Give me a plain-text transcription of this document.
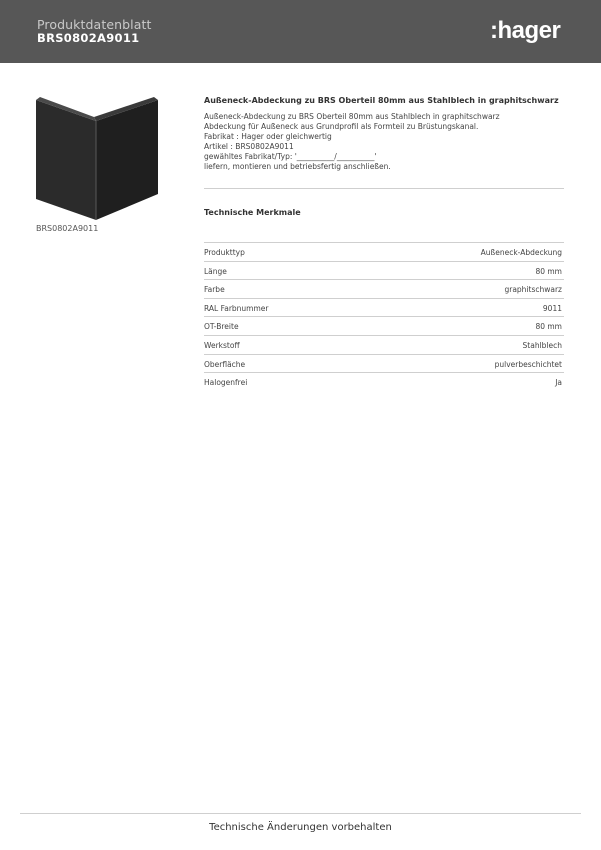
Produktdatenblatt
BRS0802A9011	:hager
BRS0802A9011
Außeneck-Abdeckung zu BRS Oberteil 80mm aus Stahlblech in graphitschwarz
Außeneck-Abdeckung zu BRS Oberteil 80mm aus Stahlblech in graphitschwarz
Abdeckung für Außeneck aus Grundprofil als Formteil zu Brüstungskanal.
Fabrikat : Hager oder gleichwertig
Artikel : BRS0802A9011
gewähltes Fabrikat/Typ: '__________/__________'
liefern, montieren und betriebsfertig anschließen.
Technische Merkmale
Produkttyp	Außeneck-Abdeckung
Länge	80 mm
Farbe	graphitschwarz
RAL Farbnummer	9011
OT-Breite	80 mm
Werkstoff	Stahlblech
Oberfläche	pulverbeschichtet
Halogenfrei	Ja
Technische Änderungen vorbehalten
